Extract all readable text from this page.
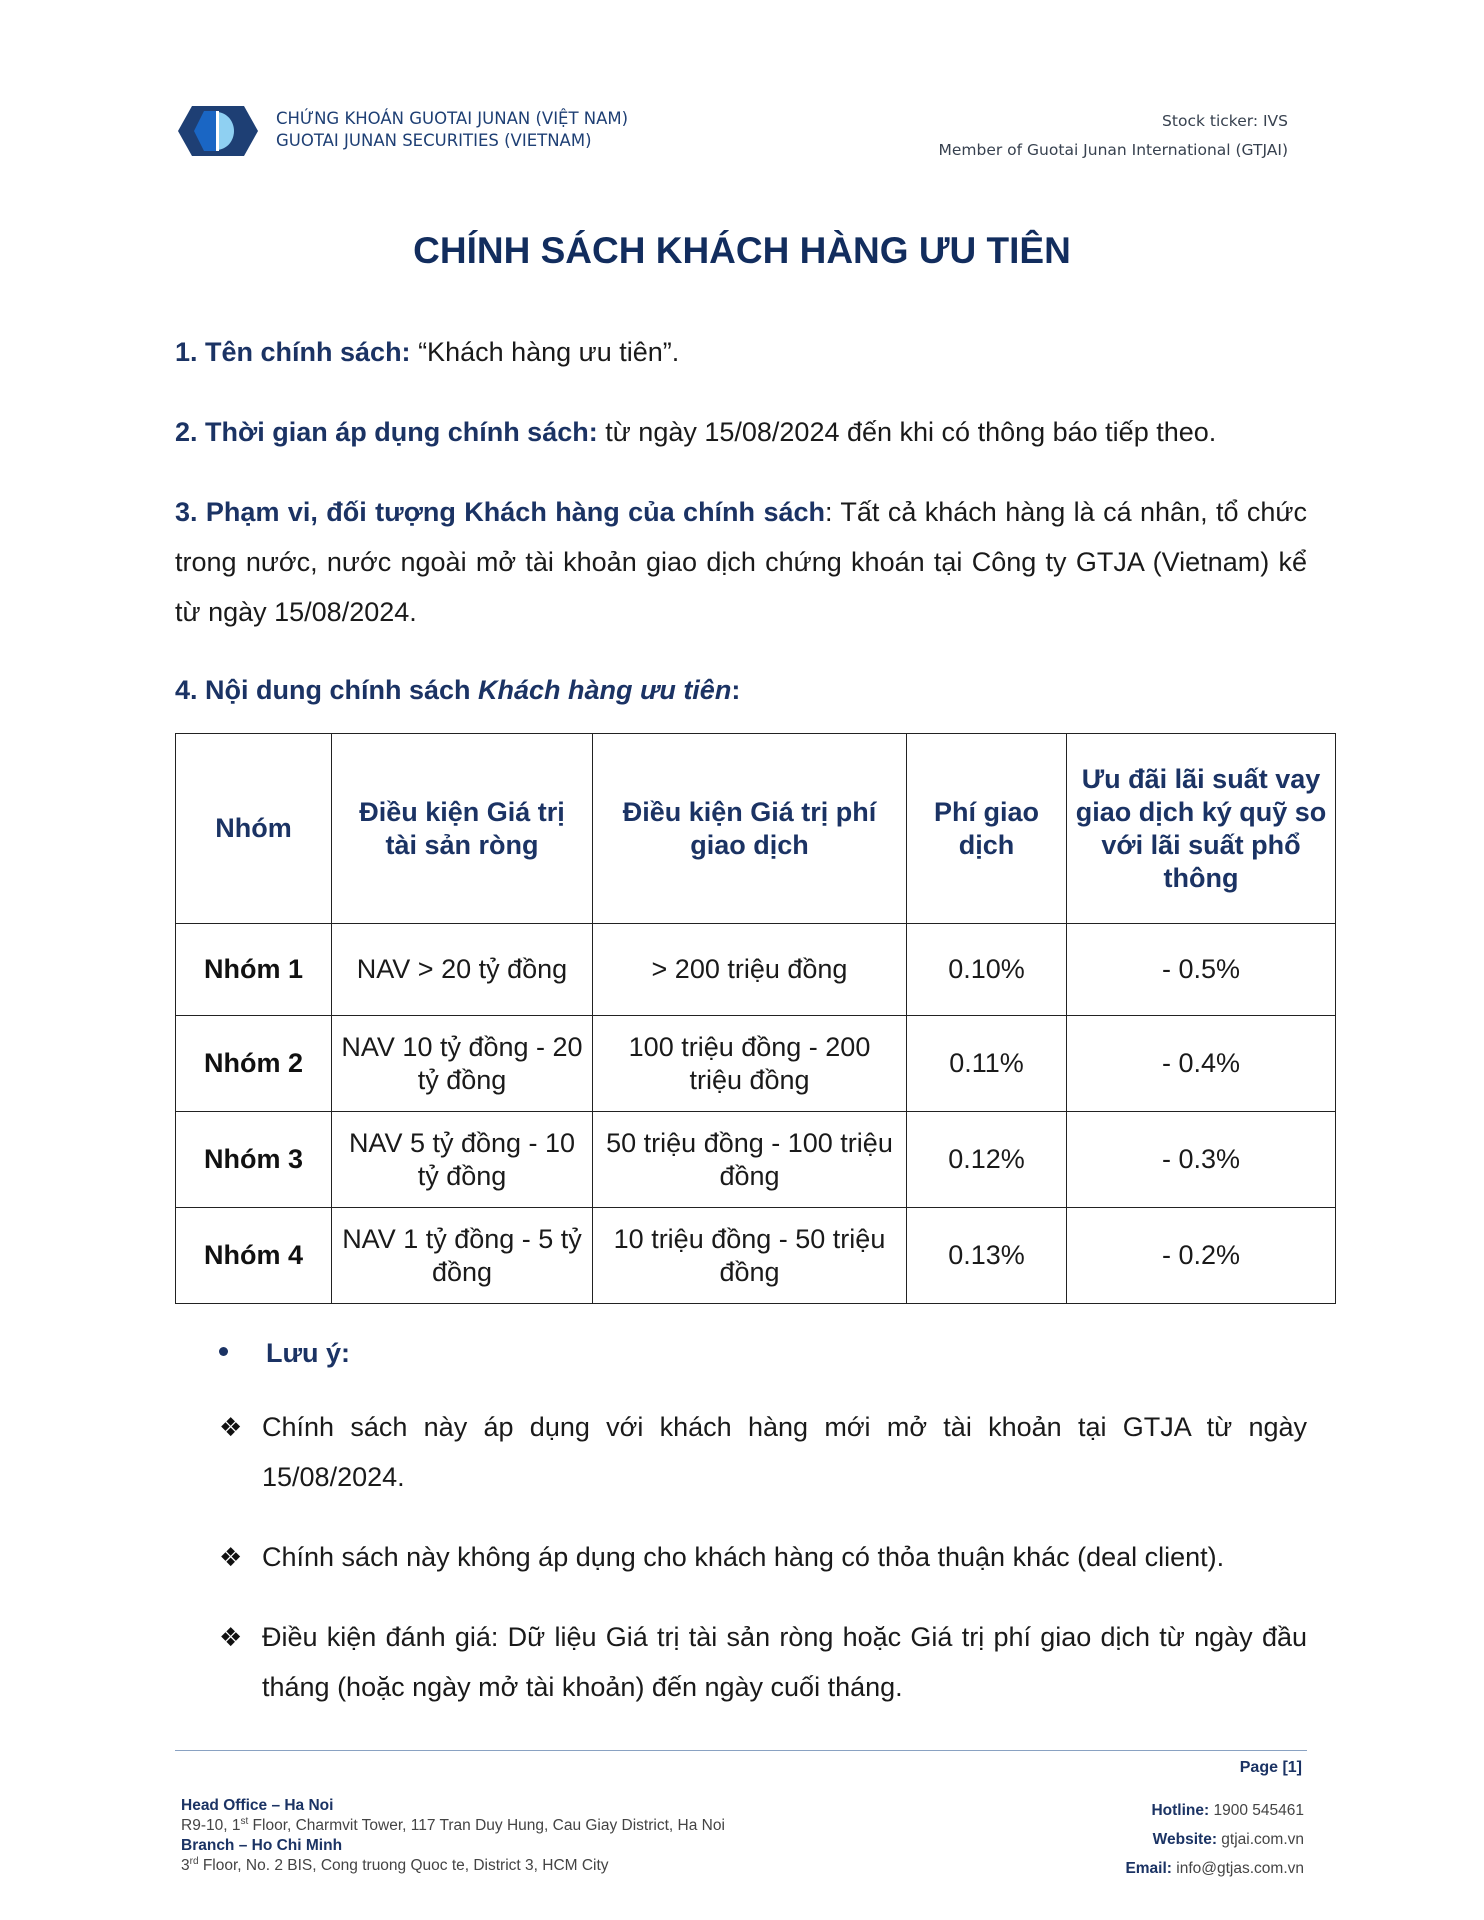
CHỨNG KHOÁN GUOTAI JUNAN (VIỆT NAM)
GUOTAI JUNAN SECURITIES (VIETNAM)
Stock ticker: IVS
Member of Guotai Junan International (GTJAI)
CHÍNH SÁCH KHÁCH HÀNG ƯU TIÊN

1. Tên chính sách: “Khách hàng ưu tiên”.

2. Thời gian áp dụng chính sách: từ ngày 15/08/2024 đến khi có thông báo tiếp theo.

3. Phạm vi, đối tượng Khách hàng của chính sách: Tất cả khách hàng là cá nhân, tổ chức trong nước, nước ngoài mở tài khoản giao dịch chứng khoán tại Công ty GTJA (Vietnam) kể từ ngày 15/08/2024.

4. Nội dung chính sách Khách hàng ưu tiên:

Nhóm	Điều kiện Giá trị tài sản ròng	Điều kiện Giá trị phí giao dịch	Phí giao dịch	Ưu đãi lãi suất vay giao dịch ký quỹ so với lãi suất phổ thông
Nhóm 1	NAV > 20 tỷ đồng	> 200 triệu đồng	0.10%	- 0.5%
Nhóm 2	NAV 10 tỷ đồng - 20 tỷ đồng	100 triệu đồng - 200 triệu đồng	0.11%	- 0.4%
Nhóm 3	NAV 5 tỷ đồng - 10 tỷ đồng	50 triệu đồng - 100 triệu đồng	0.12%	- 0.3%
Nhóm 4	NAV 1 tỷ đồng - 5 tỷ đồng	10 triệu đồng - 50 triệu đồng	0.13%	- 0.2%
Lưu ý:

❖ Chính sách này áp dụng với khách hàng mới mở tài khoản tại GTJA từ ngày 15/08/2024.

❖ Chính sách này không áp dụng cho khách hàng có thỏa thuận khác (deal client).

❖ Điều kiện đánh giá: Dữ liệu Giá trị tài sản ròng hoặc Giá trị phí giao dịch từ ngày đầu tháng (hoặc ngày mở tài khoản) đến ngày cuối tháng.

Page [1]
Head Office – Ha Noi
R9-10, 1st Floor, Charmvit Tower, 117 Tran Duy Hung, Cau Giay District, Ha Noi
Branch – Ho Chi Minh
3rd Floor, No. 2 BIS, Cong truong Quoc te, District 3, HCM City
Hotline: 1900 545461
Website: gtjai.com.vn
Email: info@gtjas.com.vn
